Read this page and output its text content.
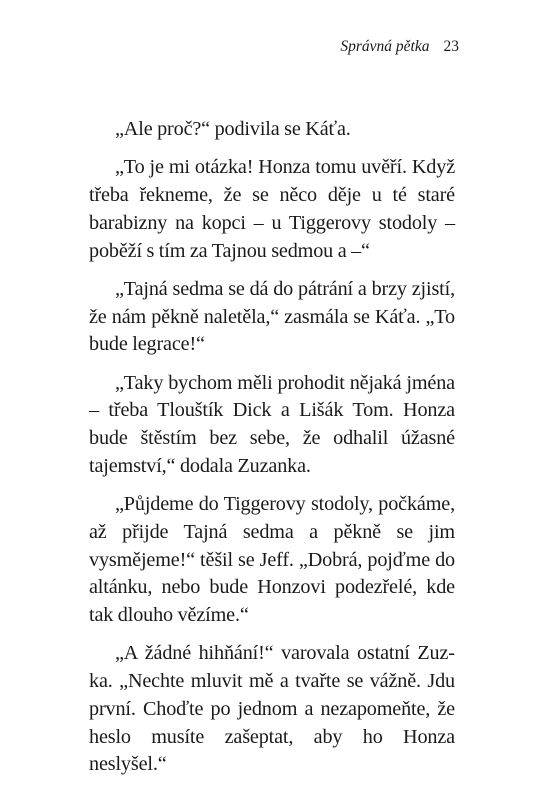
Správná pětka 23

„Ale proč?“ podivila se Káťa.

„To je mi otázka! Honza tomu uvěří. Když třeba řekneme, že se něco děje u té staré barabizny na kopci – u Tiggerovy stodoly – poběží s tím za Tajnou sedmou a –“

„Tajná sedma se dá do pátrání a brzy zjistí, že nám pěkně naletěla,“ zasmála se Káťa. „To bude legrace!“

„Taky bychom měli prohodit nějaká jména – třeba Tlouštík Dick a Lišák Tom. Honza bude štěstím bez sebe, že odhalil úžasné tajemství,“ dodala Zuzanka.

„Půjdeme do Tiggerovy stodoly, počkáme, až přijde Tajná sedma a pěkně se jim vysmějeme!“ těšil se Jeff. „Dobrá, pojďme do altánku, nebo bude Honzovi podezřelé, kde tak dlouho vězíme.“

„A žádné hihňání!“ varovala ostatní Zuzka. „Nechte mluvit mě a tvařte se vážně. Jdu první. Choďte po jednom a nezapomeňte, že heslo musíte zašeptat, aby ho Honza neslyšel.“
